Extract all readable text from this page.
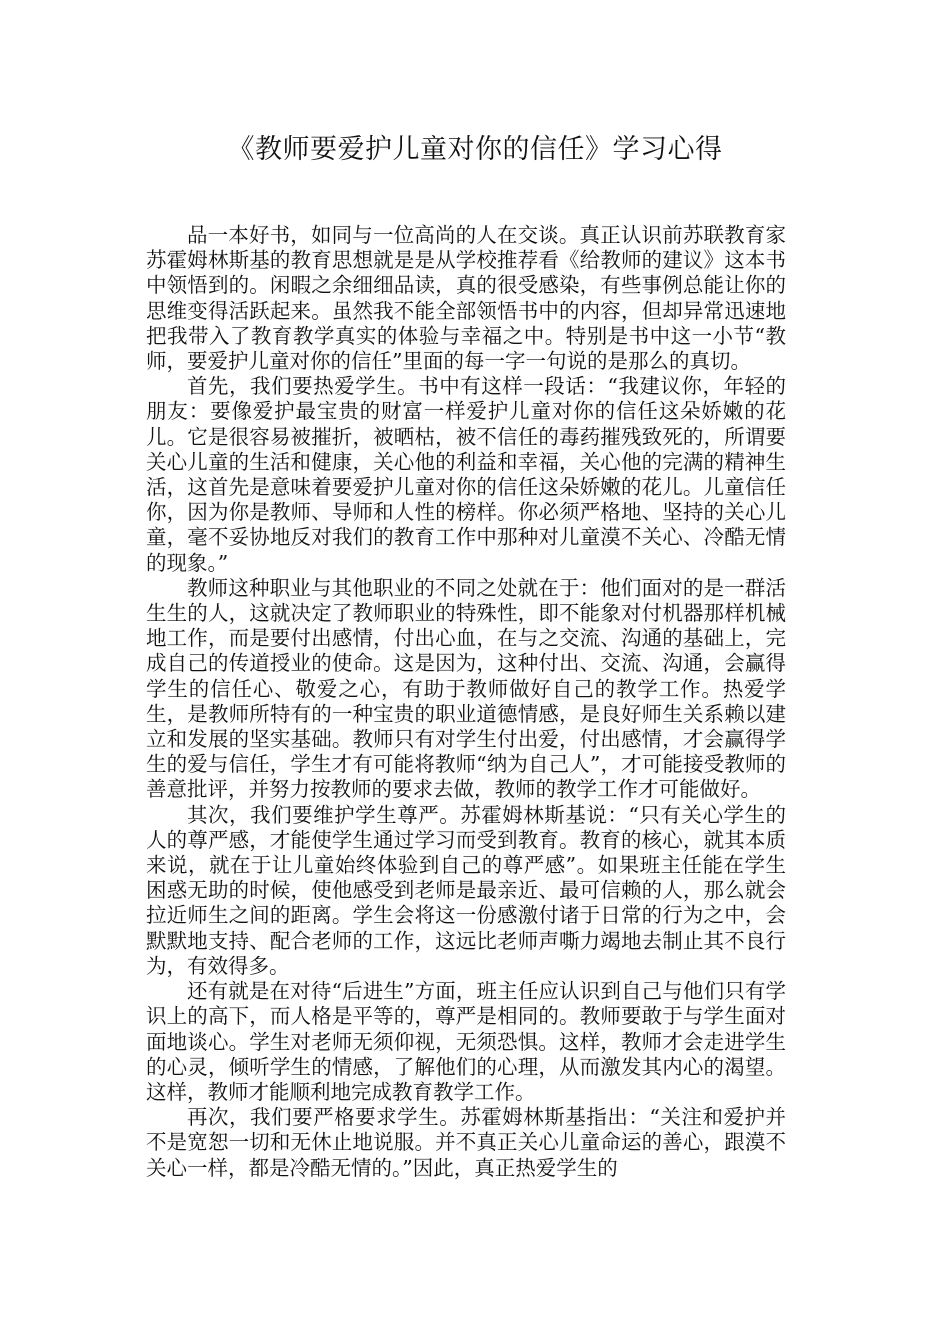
《教师要爱护儿童对你的信任》学习心得

品一本好书，如同与一位高尚的人在交谈。真正认识前苏联教育家苏霍姆林斯基的教育思想就是是从学校推荐看《给教师的建议》这本书中领悟到的。闲暇之余细细品读，真的很受感染，有些事例总能让你的思维变得活跃起来。虽然我不能全部领悟书中的内容，但却异常迅速地把我带入了教育教学真实的体验与幸福之中。特别是书中这一小节“教师，要爱护儿童对你的信任”里面的每一字一句说的是那么的真切。

首先，我们要热爱学生。书中有这样一段话：“我建议你，年轻的朋友：要像爱护最宝贵的财富一样爱护儿童对你的信任这朵娇嫩的花儿。它是很容易被摧折，被晒枯，被不信任的毒药摧残致死的，所谓要关心儿童的生活和健康，关心他的利益和幸福，关心他的完满的精神生活，这首先是意味着要爱护儿童对你的信任这朵娇嫩的花儿。儿童信任你，因为你是教师、导师和人性的榜样。你必须严格地、坚持的关心儿童，毫不妥协地反对我们的教育工作中那种对儿童漠不关心、冷酷无情的现象。”

教师这种职业与其他职业的不同之处就在于：他们面对的是一群活生生的人，这就决定了教师职业的特殊性，即不能象对付机器那样机械地工作，而是要付出感情，付出心血，在与之交流、沟通的基础上，完成自己的传道授业的使命。这是因为，这种付出、交流、沟通，会赢得学生的信任心、敬爱之心，有助于教师做好自己的教学工作。热爱学生，是教师所特有的一种宝贵的职业道德情感，是良好师生关系赖以建立和发展的坚实基础。教师只有对学生付出爱，付出感情，才会赢得学生的爱与信任，学生才有可能将教师“纳为自己人”，才可能接受教师的善意批评，并努力按教师的要求去做，教师的教学工作才可能做好。

其次，我们要维护学生尊严。苏霍姆林斯基说：“只有关心学生的人的尊严感，才能使学生通过学习而受到教育。教育的核心，就其本质来说，就在于让儿童始终体验到自己的尊严感”。如果班主任能在学生困惑无助的时候，使他感受到老师是最亲近、最可信赖的人，那么就会拉近师生之间的距离。学生会将这一份感激付诸于日常的行为之中，会默默地支持、配合老师的工作，这远比老师声嘶力竭地去制止其不良行为，有效得多。

还有就是在对待“后进生”方面，班主任应认识到自己与他们只有学识上的高下，而人格是平等的，尊严是相同的。教师要敢于与学生面对面地谈心。学生对老师无须仰视，无须恐惧。这样，教师才会走进学生的心灵，倾听学生的情感，了解他们的心理，从而激发其内心的渴望。这样，教师才能顺利地完成教育教学工作。

再次，我们要严格要求学生。苏霍姆林斯基指出：“关注和爱护并不是宽恕一切和无休止地说服。并不真正关心儿童命运的善心，跟漠不关心一样，都是冷酷无情的。”因此，真正热爱学生的
